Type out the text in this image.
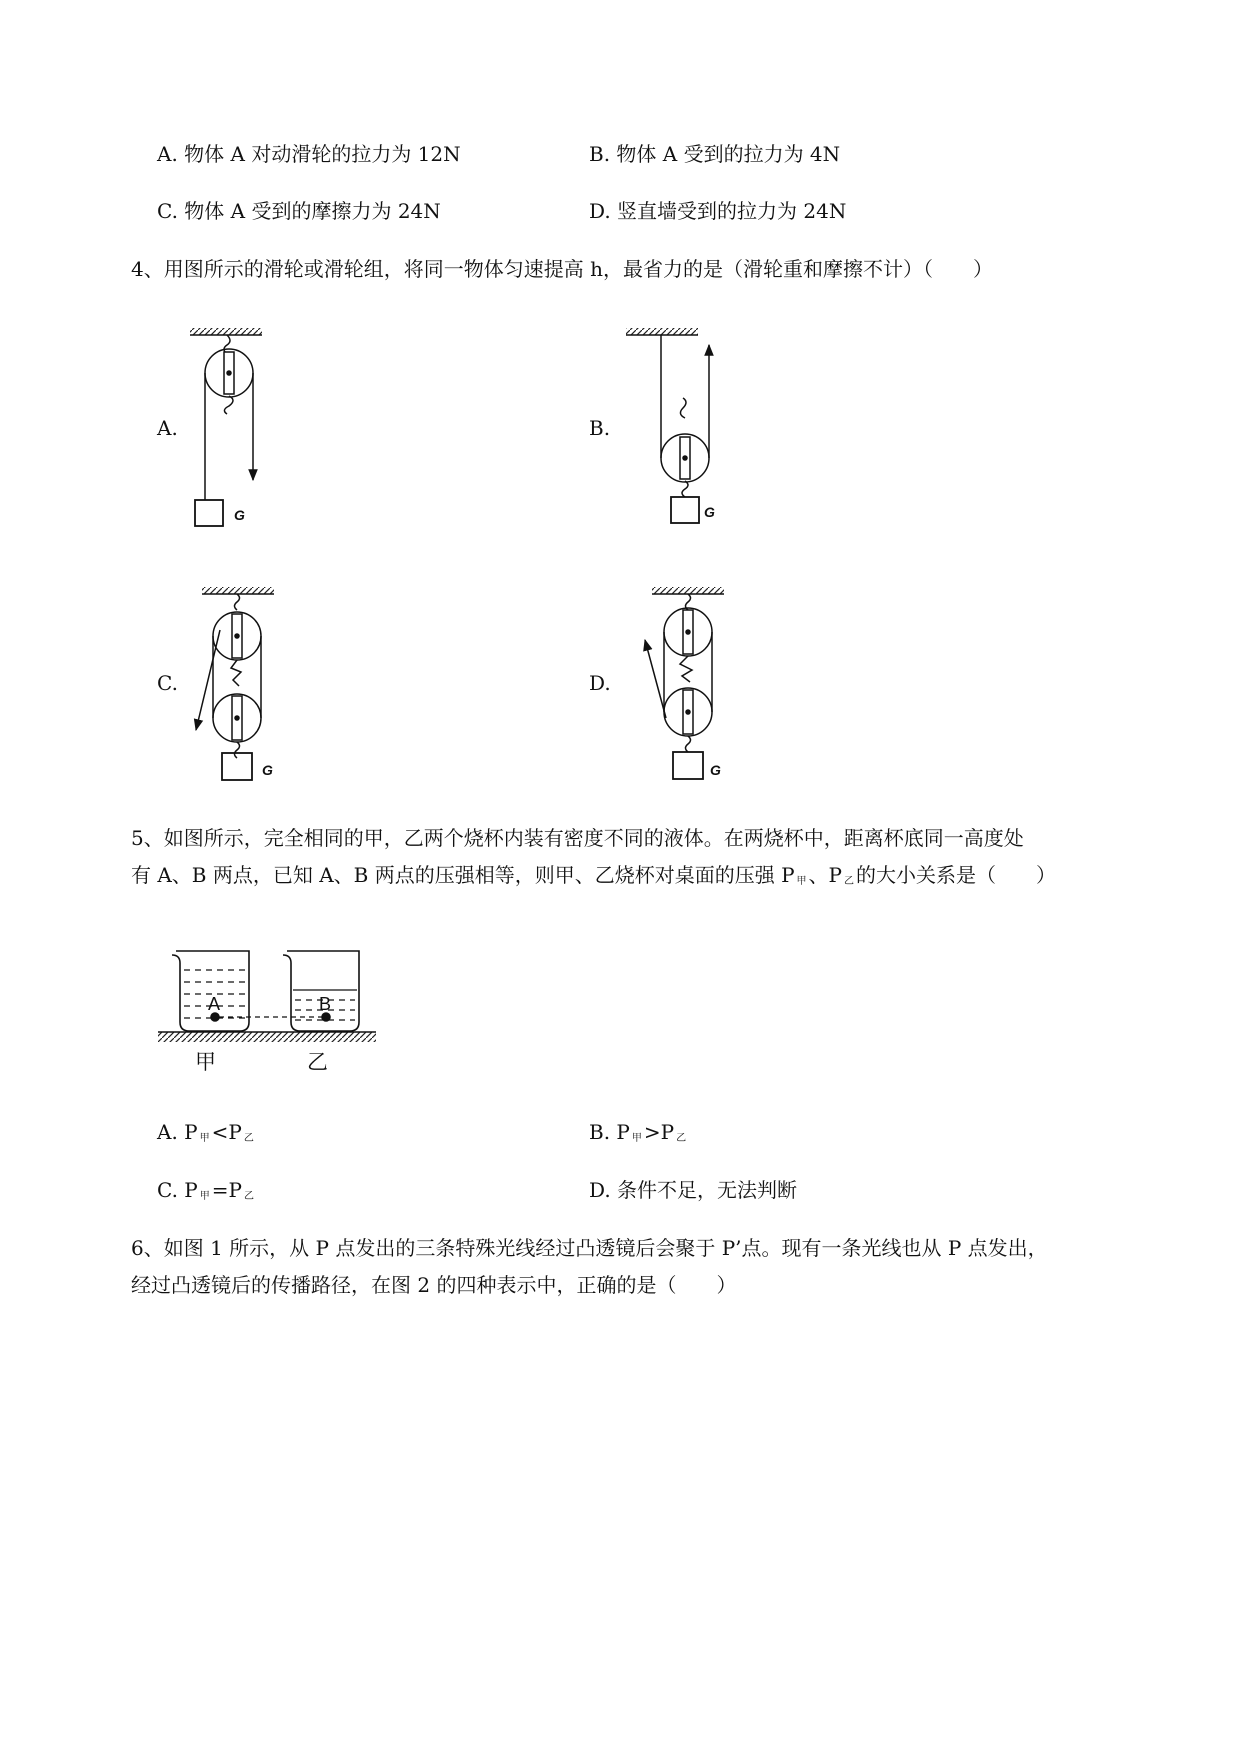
A. 物体 A 对动滑轮的拉力为 12N	B. 物体 A 受到的拉力为 4N
C. 物体 A 受到的摩擦力为 24N	D. 竖直墙受到的拉力为 24N
4、用图所示的滑轮或滑轮组，将同一物体匀速提高 h，最省力的是（滑轮重和摩擦不计）（　　）
A.	B.
C.	D.
G	G
G	G
A	B
5、如图所示，完全相同的甲，乙两个烧杯内装有密度不同的液体。在两烧杯中，距离杯底同一高度处
有 A、B 两点，已知 A、B 两点的压强相等，则甲、乙烧杯对桌面的压强 P $_甲$ 、P $_乙$ 的大小关系是（　　）
甲	乙
A. P $_甲$ <P $_乙$	B. P $_甲$ >P $_乙$
C. P $_甲$ =P $_乙$	D. 条件不足，无法判断
6、如图 1 所示，从 P 点发出的三条特殊光线经过凸透镜后会聚于 P’点。现有一条光线也从 P 点发出，
经过凸透镜后的传播路径，在图 2 的四种表示中，正确的是（　　）
